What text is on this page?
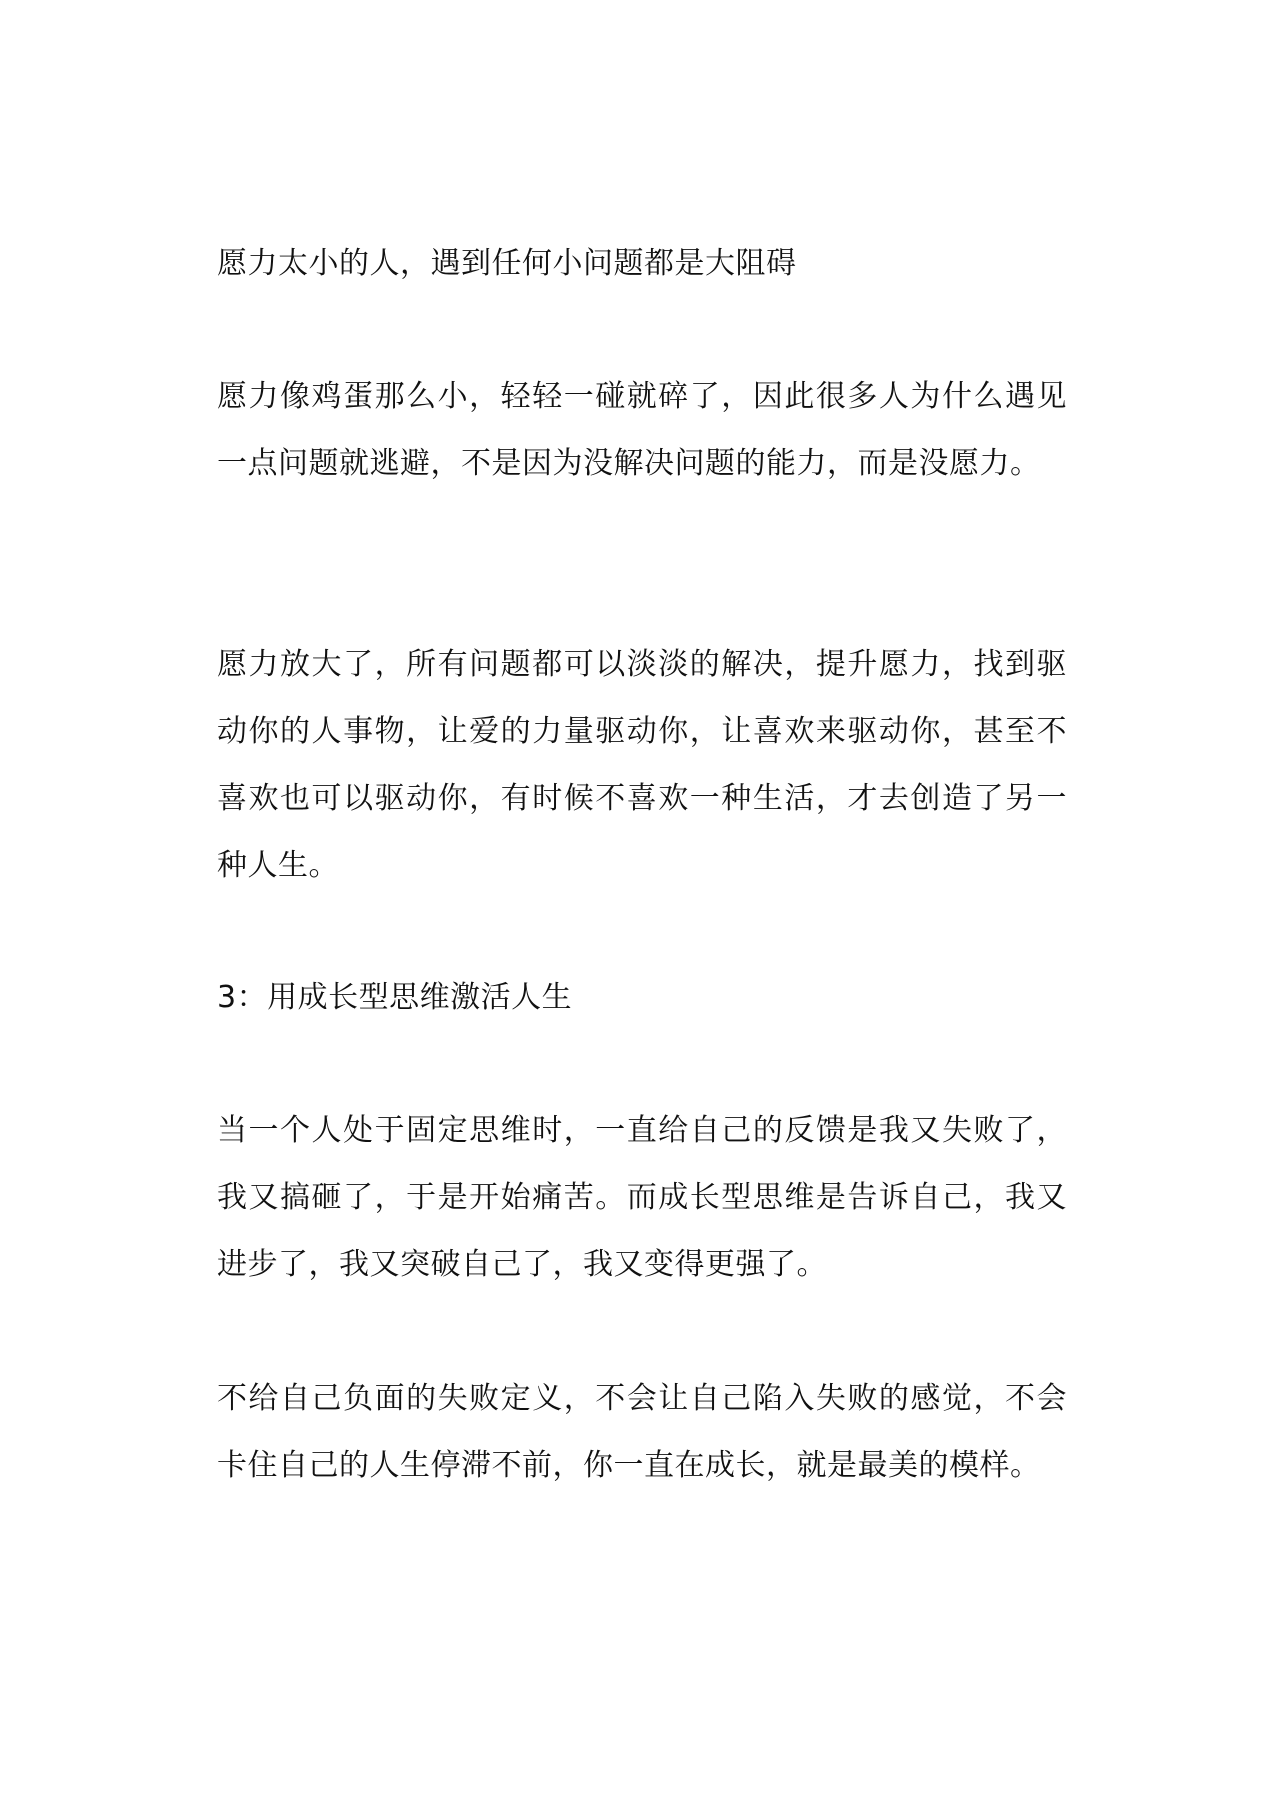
愿力太小的人，遇到任何小问题都是大阻碍

愿力像鸡蛋那么小，轻轻一碰就碎了，因此很多人为什么遇见一点问题就逃避，不是因为没解决问题的能力，而是没愿力。

愿力放大了，所有问题都可以淡淡的解决，提升愿力，找到驱动你的人事物，让爱的力量驱动你，让喜欢来驱动你，甚至不喜欢也可以驱动你，有时候不喜欢一种生活，才去创造了另一种人生。

3：用成长型思维激活人生

当一个人处于固定思维时，一直给自己的反馈是我又失败了，我又搞砸了，于是开始痛苦。而成长型思维是告诉自己，我又进步了，我又突破自己了，我又变得更强了。

不给自己负面的失败定义，不会让自己陷入失败的感觉，不会卡住自己的人生停滞不前，你一直在成长，就是最美的模样。
